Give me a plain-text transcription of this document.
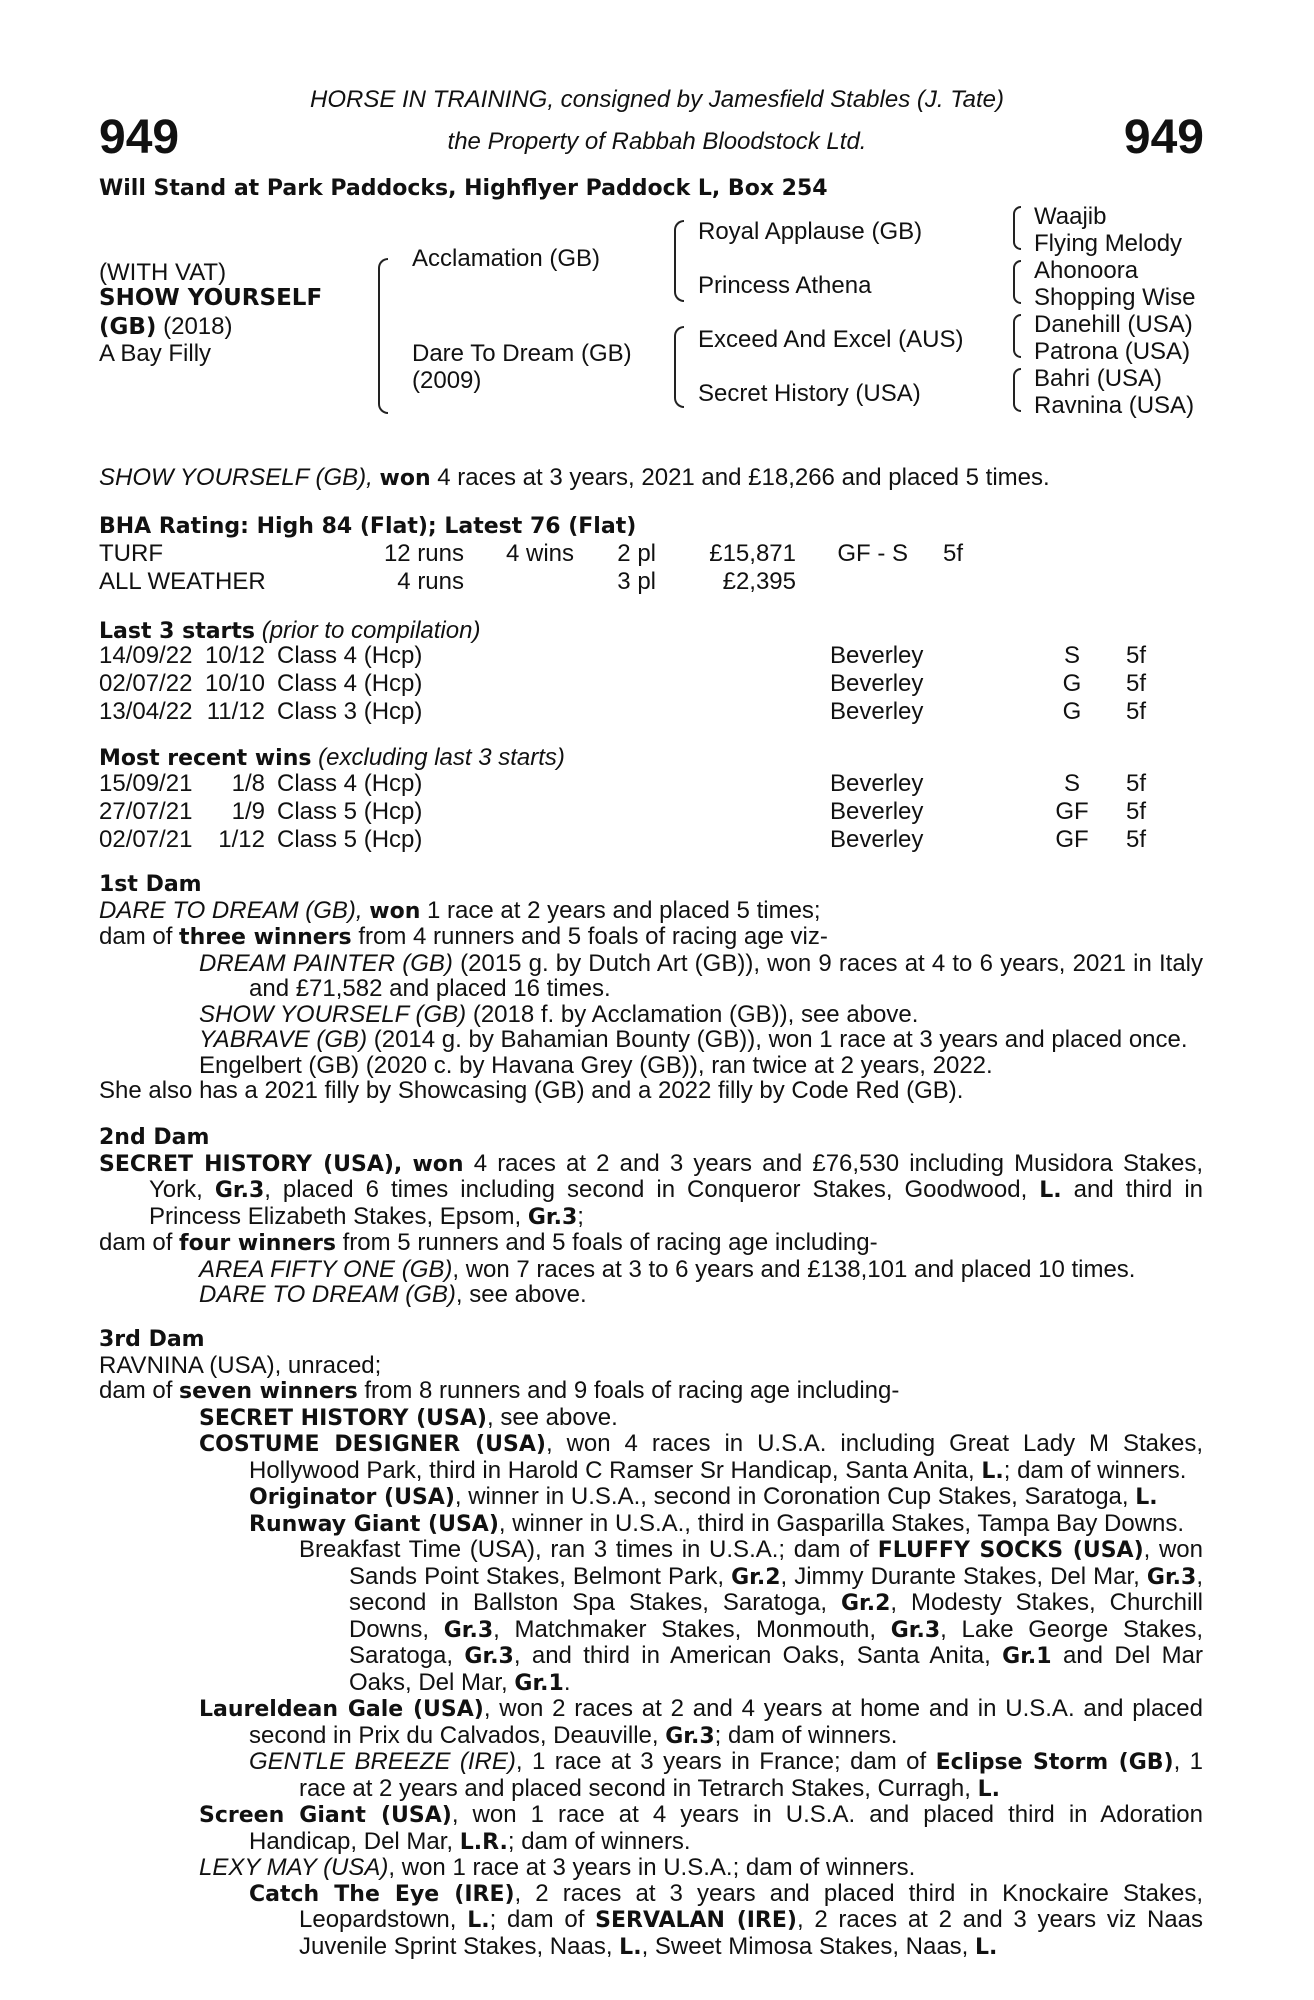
949	949
HORSE IN TRAINING, consigned by Jamesfield Stables (J. Tate)
the Property of Rabbah Bloodstock Ltd.
Will Stand at Park Paddocks, Highflyer Paddock L, Box 254
(WITH VAT)
SHOW YOURSELF
(GB) (2018)
A Bay Filly
Acclamation (GB)
Dare To Dream (GB)
(2009)
Royal Applause (GB)
Princess Athena
Exceed And Excel (AUS)
Secret History (USA)
Waajib
Flying Melody
Ahonoora
Shopping Wise
Danehill (USA)
Patrona (USA)
Bahri (USA)
Ravnina (USA)
SHOW YOURSELF (GB), won 4 races at 3 years, 2021 and £18,266 and placed 5 times.
BHA Rating: High 84 (Flat); Latest 76 (Flat)
TURF	12 runs	4 wins	2 pl	£15,871	GF - S	5f
ALL WEATHER	4 runs		3 pl	£2,395		
Last 3 starts (prior to compilation)
14/09/22	10/12	Class 4 (Hcp)	Beverley	S	5f
02/07/22	10/10	Class 4 (Hcp)	Beverley	G	5f
13/04/22	11/12	Class 3 (Hcp)	Beverley	G	5f
Most recent wins (excluding last 3 starts)
15/09/21	1/8	Class 4 (Hcp)	Beverley	S	5f
27/07/21	1/9	Class 5 (Hcp)	Beverley	GF	5f
02/07/21	1/12	Class 5 (Hcp)	Beverley	GF	5f

1st Dam

DARE TO DREAM (GB), won 1 race at 2 years and placed 5 times;

dam of three winners from 4 runners and 5 foals of racing age viz-

DREAM PAINTER (GB) (2015 g. by Dutch Art (GB)), won 9 races at 4 to 6 years, 2021 in Italy and £71,582 and placed 16 times.

SHOW YOURSELF (GB) (2018 f. by Acclamation (GB)), see above.

YABRAVE (GB) (2014 g. by Bahamian Bounty (GB)), won 1 race at 3 years and placed once.

Engelbert (GB) (2020 c. by Havana Grey (GB)), ran twice at 2 years, 2022.

She also has a 2021 filly by Showcasing (GB) and a 2022 filly by Code Red (GB).

2nd Dam

SECRET HISTORY (USA), won 4 races at 2 and 3 years and £76,530 including Musidora Stakes, York, Gr.3, placed 6 times including second in Conqueror Stakes, Goodwood, L. and third in Princess Elizabeth Stakes, Epsom, Gr.3;

dam of four winners from 5 runners and 5 foals of racing age including-

AREA FIFTY ONE (GB), won 7 races at 3 to 6 years and £138,101 and placed 10 times.

DARE TO DREAM (GB), see above.

3rd Dam

RAVNINA (USA), unraced;

dam of seven winners from 8 runners and 9 foals of racing age including-

SECRET HISTORY (USA), see above.

COSTUME DESIGNER (USA), won 4 races in U.S.A. including Great Lady M Stakes, Hollywood Park, third in Harold C Ramser Sr Handicap, Santa Anita, L.; dam of winners.

Originator (USA), winner in U.S.A., second in Coronation Cup Stakes, Saratoga, L.

Runway Giant (USA), winner in U.S.A., third in Gasparilla Stakes, Tampa Bay Downs.

Breakfast Time (USA), ran 3 times in U.S.A.; dam of FLUFFY SOCKS (USA), won Sands Point Stakes, Belmont Park, Gr.2, Jimmy Durante Stakes, Del Mar, Gr.3, second in Ballston Spa Stakes, Saratoga, Gr.2, Modesty Stakes, Churchill Downs, Gr.3, Matchmaker Stakes, Monmouth, Gr.3, Lake George Stakes, Saratoga, Gr.3, and third in American Oaks, Santa Anita, Gr.1 and Del Mar Oaks, Del Mar, Gr.1.

Laureldean Gale (USA), won 2 races at 2 and 4 years at home and in U.S.A. and placed second in Prix du Calvados, Deauville, Gr.3; dam of winners.

GENTLE BREEZE (IRE), 1 race at 3 years in France; dam of Eclipse Storm (GB), 1 race at 2 years and placed second in Tetrarch Stakes, Curragh, L.

Screen Giant (USA), won 1 race at 4 years in U.S.A. and placed third in Adoration Handicap, Del Mar, L.R.; dam of winners.

LEXY MAY (USA), won 1 race at 3 years in U.S.A.; dam of winners.

Catch The Eye (IRE), 2 races at 3 years and placed third in Knockaire Stakes, Leopardstown, L.; dam of SERVALAN (IRE), 2 races at 2 and 3 years viz Naas Juvenile Sprint Stakes, Naas, L., Sweet Mimosa Stakes, Naas, L.
